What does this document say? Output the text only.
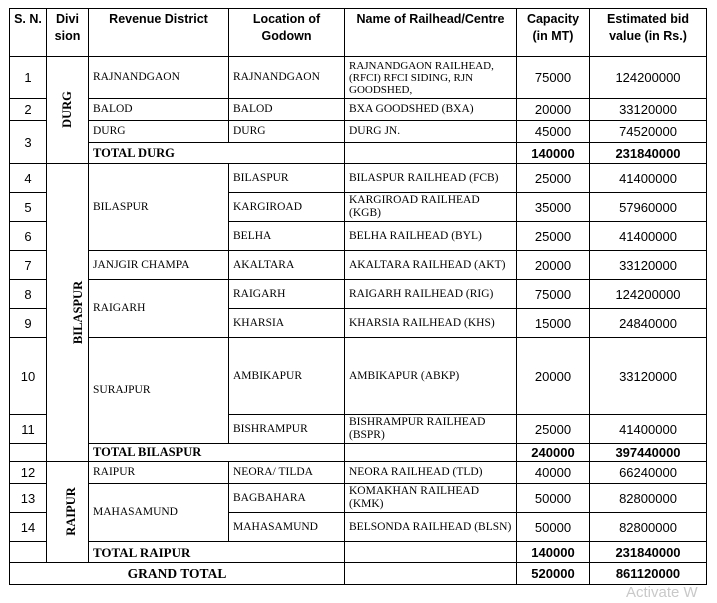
S. N.	Divi sion	Revenue District	Location of Godown	Name of Railhead/Centre	Capacity (in MT)	Estimated bid value (in Rs.)
1	DURG	RAJNANDGAON	RAJNANDGAON	RAJNANDGAON RAILHEAD, (RFCI) RFCI SIDING, RJN GOODSHED,	75000	124200000
2		BALOD	BALOD	BXA GOODSHED (BXA)	20000	33120000
3		DURG	DURG	DURG JN.	45000	74520000
		TOTAL DURG			140000	231840000
4	BILASPUR	BILASPUR	BILASPUR	BILASPUR RAILHEAD (FCB)	25000	41400000
5			KARGIROAD	KARGIROAD RAILHEAD (KGB)	35000	57960000
6			BELHA	BELHA RAILHEAD (BYL)	25000	41400000
7		JANJGIR CHAMPA	AKALTARA	AKALTARA RAILHEAD (AKT)	20000	33120000
8		RAIGARH	RAIGARH	RAIGARH RAILHEAD (RIG)	75000	124200000
9			KHARSIA	KHARSIA RAILHEAD (KHS)	15000	24840000
10		SURAJPUR	AMBIKAPUR	AMBIKAPUR (ABKP)	20000	33120000
11			BISHRAMPUR	BISHRAMPUR RAILHEAD (BSPR)	25000	41400000
		TOTAL BILASPUR			240000	397440000
12	RAIPUR	RAIPUR	NEORA/ TILDA	NEORA RAILHEAD (TLD)	40000	66240000
13		MAHASAMUND	BAGBAHARA	KOMAKHAN RAILHEAD (KMK)	50000	82800000
14			MAHASAMUND	BELSONDA RAILHEAD (BLSN)	50000	82800000
		TOTAL RAIPUR			140000	231840000
GRAND TOTAL					520000	861120000
Activate W
